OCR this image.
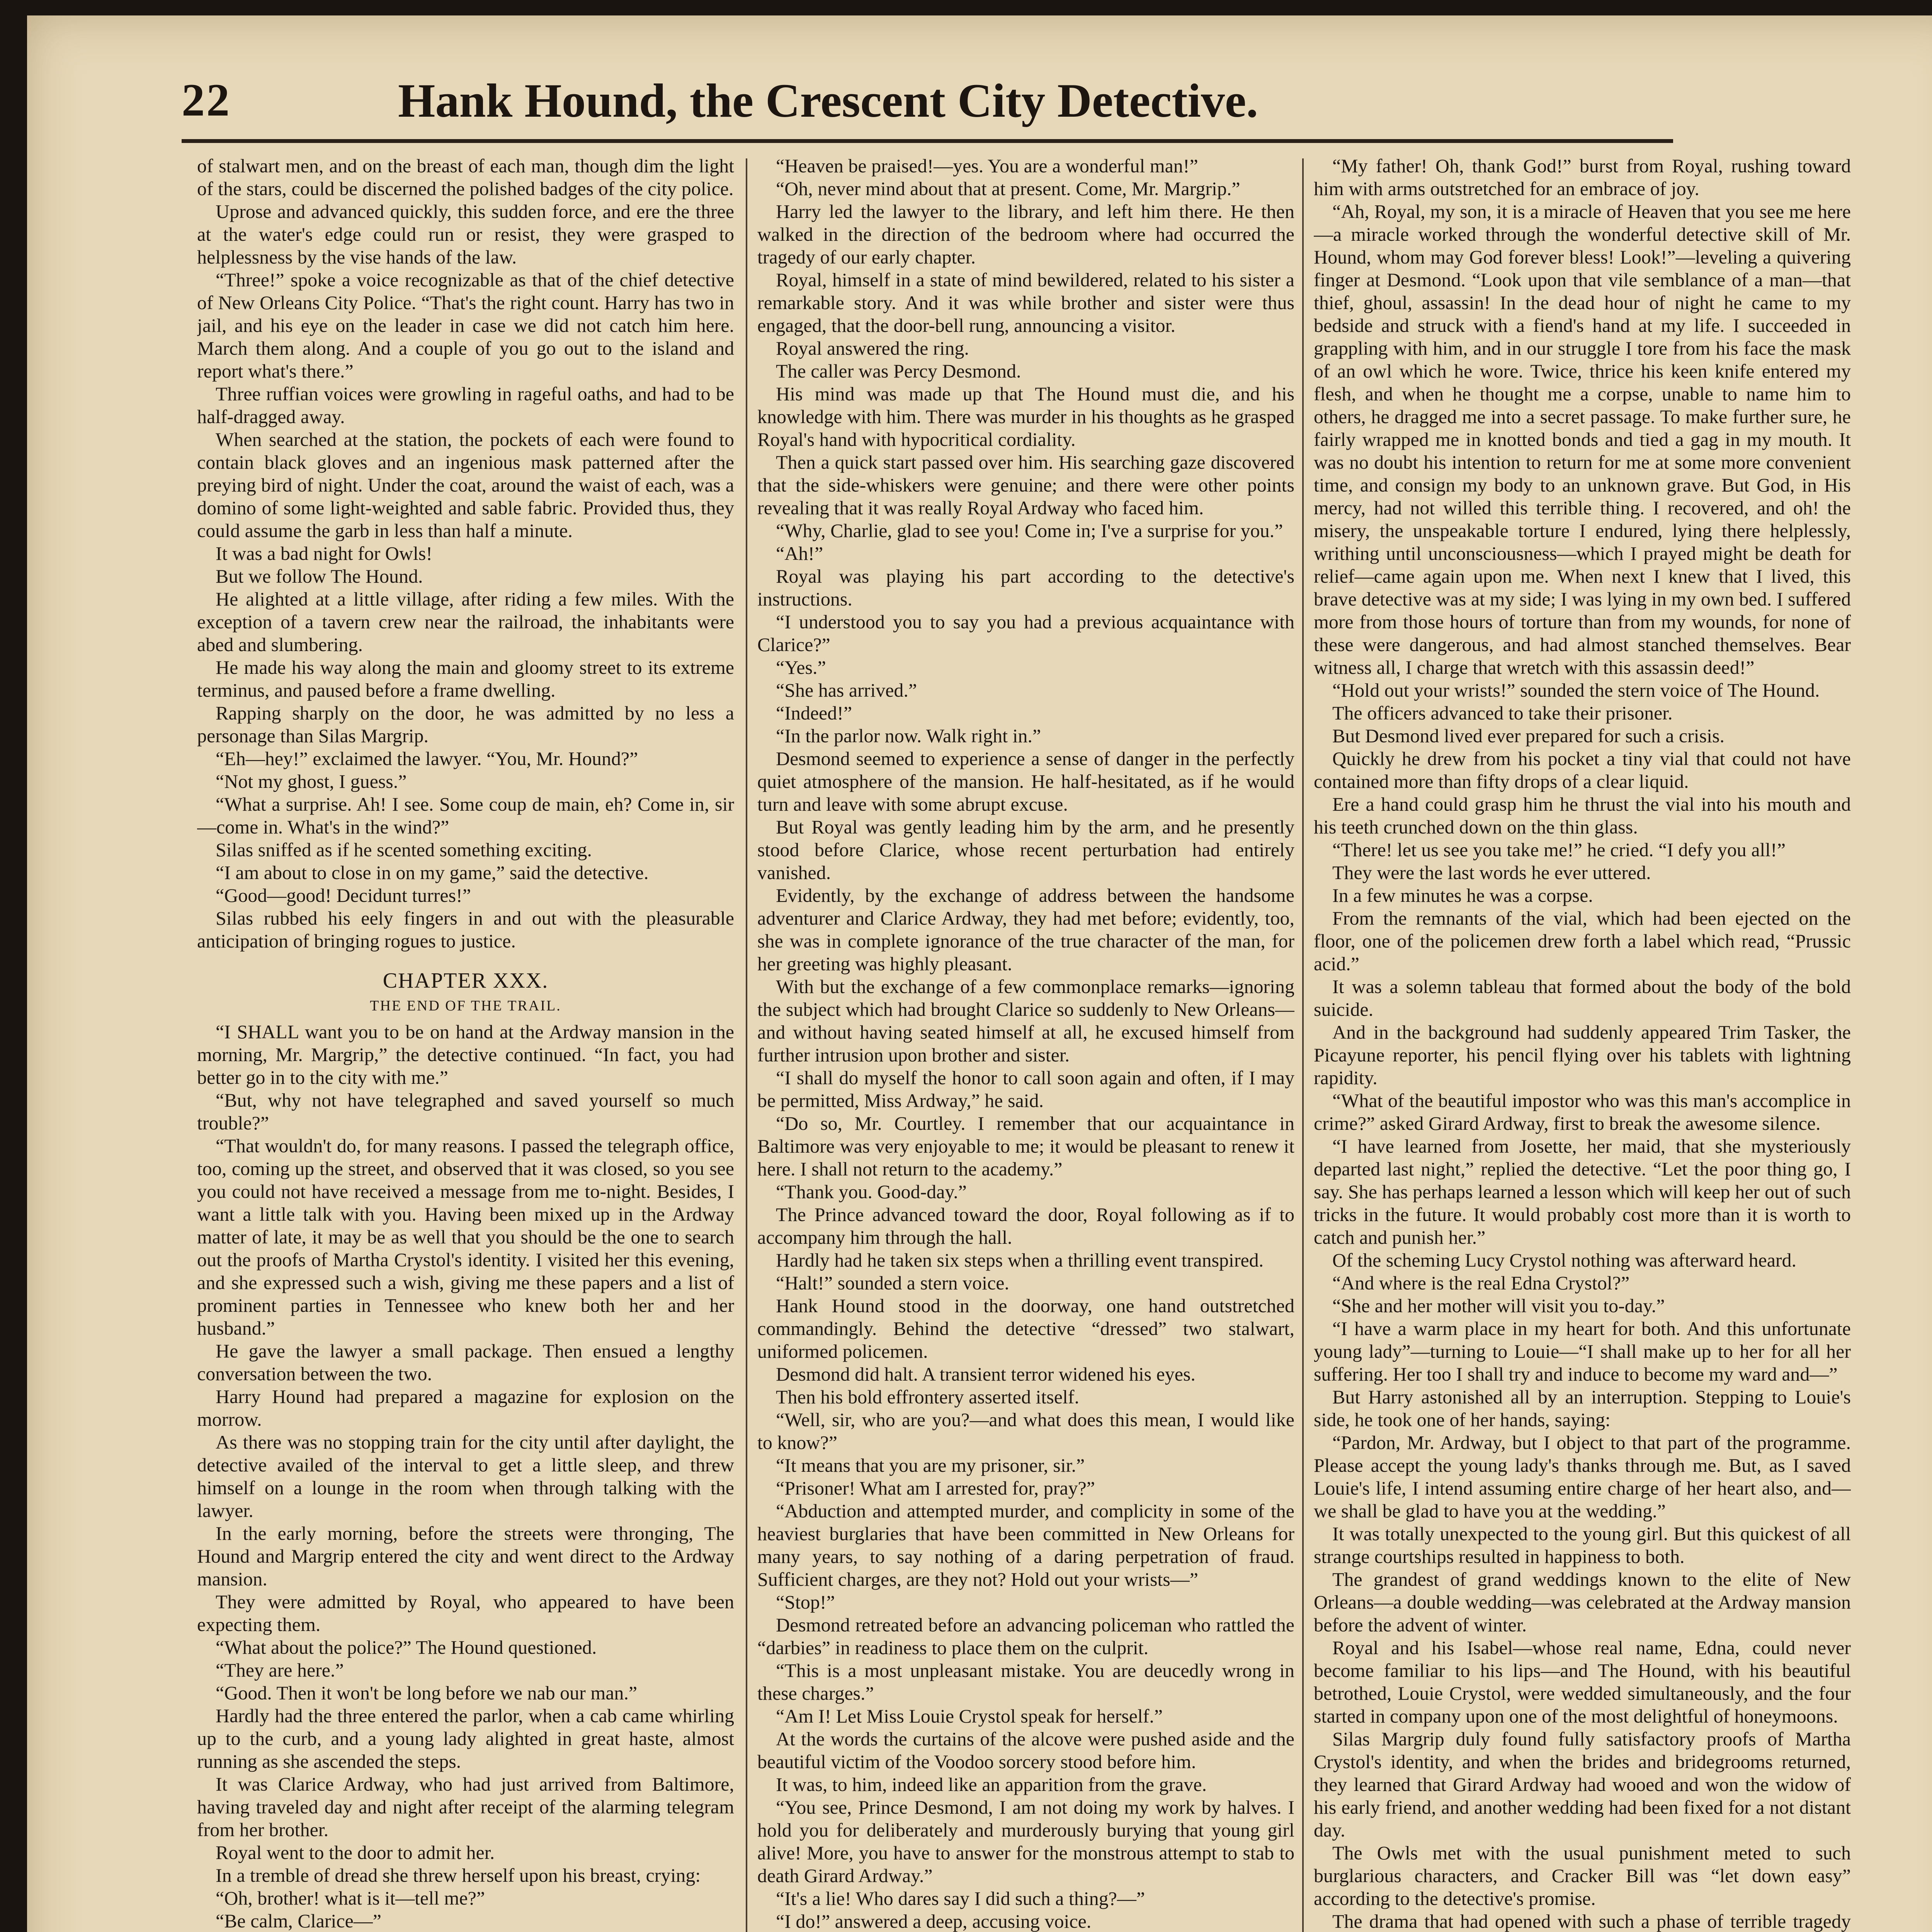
22	Hank Hound, the Crescent City Detective.

of stalwart men, and on the breast of each man, though dim the light of the stars, could be discerned the polished badges of the city police.

Uprose and advanced quickly, this sudden force, and ere the three at the water's edge could run or resist, they were grasped to helplessness by the vise hands of the law.

“Three!” spoke a voice recognizable as that of the chief detective of New Orleans City Police. “That's the right count. Harry has two in jail, and his eye on the leader in case we did not catch him here. March them along. And a couple of you go out to the island and report what's there.”

Three ruffian voices were growling in rageful oaths, and had to be half-dragged away.

When searched at the station, the pockets of each were found to contain black gloves and an ingenious mask patterned after the preying bird of night. Under the coat, around the waist of each, was a domino of some light-weighted and sable fabric. Provided thus, they could assume the garb in less than half a minute.

It was a bad night for Owls!

But we follow The Hound.

He alighted at a little village, after riding a few miles. With the exception of a tavern crew near the railroad, the inhabitants were abed and slumbering.

He made his way along the main and gloomy street to its extreme terminus, and paused before a frame dwelling.

Rapping sharply on the door, he was admitted by no less a personage than Silas Margrip.

“Eh—hey!” exclaimed the lawyer. “You, Mr. Hound?”

“Not my ghost, I guess.”

“What a surprise. Ah! I see. Some coup de main, eh? Come in, sir—come in. What's in the wind?”

Silas sniffed as if he scented something exciting.

“I am about to close in on my game,” said the detective.

“Good—good! Decidunt turres!”

Silas rubbed his eely fingers in and out with the pleasurable anticipation of bringing rogues to justice.

CHAPTER XXX.

THE END OF THE TRAIL.

“I SHALL want you to be on hand at the Ardway mansion in the morning, Mr. Margrip,” the detective continued. “In fact, you had better go in to the city with me.”

“But, why not have telegraphed and saved yourself so much trouble?”

“That wouldn't do, for many reasons. I passed the telegraph office, too, coming up the street, and observed that it was closed, so you see you could not have received a message from me to-night. Besides, I want a little talk with you. Having been mixed up in the Ardway matter of late, it may be as well that you should be the one to search out the proofs of Martha Crystol's identity. I visited her this evening, and she expressed such a wish, giving me these papers and a list of prominent parties in Tennessee who knew both her and her husband.”

He gave the lawyer a small package. Then ensued a lengthy conversation between the two.

Harry Hound had prepared a magazine for explosion on the morrow.

As there was no stopping train for the city until after daylight, the detective availed of the interval to get a little sleep, and threw himself on a lounge in the room when through talking with the lawyer.

In the early morning, before the streets were thronging, The Hound and Margrip entered the city and went direct to the Ardway mansion.

They were admitted by Royal, who appeared to have been expecting them.

“What about the police?” The Hound questioned.

“They are here.”

“Good. Then it won't be long before we nab our man.”

Hardly had the three entered the parlor, when a cab came whirling up to the curb, and a young lady alighted in great haste, almost running as she ascended the steps.

It was Clarice Ardway, who had just arrived from Baltimore, having traveled day and night after receipt of the alarming telegram from her brother.

Royal went to the door to admit her.

In a tremble of dread she threw herself upon his breast, crying:

“Oh, brother! what is it—tell me?”

“Be calm, Clarice—”

“Heaven be praised!—yes. You are a wonderful man!”

“Oh, never mind about that at present. Come, Mr. Margrip.”

Harry led the lawyer to the library, and left him there. He then walked in the direction of the bedroom where had occurred the tragedy of our early chapter.

Royal, himself in a state of mind bewildered, related to his sister a remarkable story. And it was while brother and sister were thus engaged, that the door-bell rung, announcing a visitor.

Royal answered the ring.

The caller was Percy Desmond.

His mind was made up that The Hound must die, and his knowledge with him. There was murder in his thoughts as he grasped Royal's hand with hypocritical cordiality.

Then a quick start passed over him. His searching gaze discovered that the side-whiskers were genuine; and there were other points revealing that it was really Royal Ardway who faced him.

“Why, Charlie, glad to see you! Come in; I've a surprise for you.”

“Ah!”

Royal was playing his part according to the detective's instructions.

“I understood you to say you had a previous acquaintance with Clarice?”

“Yes.”

“She has arrived.”

“Indeed!”

“In the parlor now. Walk right in.”

Desmond seemed to experience a sense of danger in the perfectly quiet atmosphere of the mansion. He half-hesitated, as if he would turn and leave with some abrupt excuse.

But Royal was gently leading him by the arm, and he presently stood before Clarice, whose recent perturbation had entirely vanished.

Evidently, by the exchange of address between the handsome adventurer and Clarice Ardway, they had met before; evidently, too, she was in complete ignorance of the true character of the man, for her greeting was highly pleasant.

With but the exchange of a few commonplace remarks—ignoring the subject which had brought Clarice so suddenly to New Orleans—and without having seated himself at all, he excused himself from further intrusion upon brother and sister.

“I shall do myself the honor to call soon again and often, if I may be permitted, Miss Ardway,” he said.

“Do so, Mr. Courtley. I remember that our acquaintance in Baltimore was very enjoyable to me; it would be pleasant to renew it here. I shall not return to the academy.”

“Thank you. Good-day.”

The Prince advanced toward the door, Royal following as if to accompany him through the hall.

Hardly had he taken six steps when a thrilling event transpired.

“Halt!” sounded a stern voice.

Hank Hound stood in the doorway, one hand outstretched commandingly. Behind the detective “dressed” two stalwart, uniformed policemen.

Desmond did halt. A transient terror widened his eyes.

Then his bold effrontery asserted itself.

“Well, sir, who are you?—and what does this mean, I would like to know?”

“It means that you are my prisoner, sir.”

“Prisoner! What am I arrested for, pray?”

“Abduction and attempted murder, and complicity in some of the heaviest burglaries that have been committed in New Orleans for many years, to say nothing of a daring perpetration of fraud. Sufficient charges, are they not? Hold out your wrists—”

“Stop!”

Desmond retreated before an advancing policeman who rattled the “darbies” in readiness to place them on the culprit.

“This is a most unpleasant mistake. You are deucedly wrong in these charges.”

“Am I! Let Miss Louie Crystol speak for herself.”

At the words the curtains of the alcove were pushed aside and the beautiful victim of the Voodoo sorcery stood before him.

It was, to him, indeed like an apparition from the grave.

“You see, Prince Desmond, I am not doing my work by halves. I hold you for deliberately and murderously burying that young girl alive! More, you have to answer for the monstrous attempt to stab to death Girard Ardway.”

“It's a lie! Who dares say I did such a thing?—”

“I do!” answered a deep, accusing voice.

“My father! Oh, thank God!” burst from Royal, rushing toward him with arms outstretched for an embrace of joy.

“Ah, Royal, my son, it is a miracle of Heaven that you see me here—a miracle worked through the wonderful detective skill of Mr. Hound, whom may God forever bless! Look!”—leveling a quivering finger at Desmond. “Look upon that vile semblance of a man—that thief, ghoul, assassin! In the dead hour of night he came to my bedside and struck with a fiend's hand at my life. I succeeded in grappling with him, and in our struggle I tore from his face the mask of an owl which he wore. Twice, thrice his keen knife entered my flesh, and when he thought me a corpse, unable to name him to others, he dragged me into a secret passage. To make further sure, he fairly wrapped me in knotted bonds and tied a gag in my mouth. It was no doubt his intention to return for me at some more convenient time, and consign my body to an unknown grave. But God, in His mercy, had not willed this terrible thing. I recovered, and oh! the misery, the unspeakable torture I endured, lying there helplessly, writhing until unconsciousness—which I prayed might be death for relief—came again upon me. When next I knew that I lived, this brave detective was at my side; I was lying in my own bed. I suffered more from those hours of torture than from my wounds, for none of these were dangerous, and had almost stanched themselves. Bear witness all, I charge that wretch with this assassin deed!”

“Hold out your wrists!” sounded the stern voice of The Hound.

The officers advanced to take their prisoner.

But Desmond lived ever prepared for such a crisis.

Quickly he drew from his pocket a tiny vial that could not have contained more than fifty drops of a clear liquid.

Ere a hand could grasp him he thrust the vial into his mouth and his teeth crunched down on the thin glass.

“There! let us see you take me!” he cried. “I defy you all!”

They were the last words he ever uttered.

In a few minutes he was a corpse.

From the remnants of the vial, which had been ejected on the floor, one of the policemen drew forth a label which read, “Prussic acid.”

It was a solemn tableau that formed about the body of the bold suicide.

And in the background had suddenly appeared Trim Tasker, the Picayune reporter, his pencil flying over his tablets with lightning rapidity.

“What of the beautiful impostor who was this man's accomplice in crime?” asked Girard Ardway, first to break the awesome silence.

“I have learned from Josette, her maid, that she mysteriously departed last night,” replied the detective. “Let the poor thing go, I say. She has perhaps learned a lesson which will keep her out of such tricks in the future. It would probably cost more than it is worth to catch and punish her.”

Of the scheming Lucy Crystol nothing was afterward heard.

“And where is the real Edna Crystol?”

“She and her mother will visit you to-day.”

“I have a warm place in my heart for both. And this unfortunate young lady”—turning to Louie—“I shall make up to her for all her suffering. Her too I shall try and induce to become my ward and—”

But Harry astonished all by an interruption. Stepping to Louie's side, he took one of her hands, saying:

“Pardon, Mr. Ardway, but I object to that part of the programme. Please accept the young lady's thanks through me. But, as I saved Louie's life, I intend assuming entire charge of her heart also, and—we shall be glad to have you at the wedding.”

It was totally unexpected to the young girl. But this quickest of all strange courtships resulted in happiness to both.

The grandest of grand weddings known to the elite of New Orleans—a double wedding—was celebrated at the Ardway mansion before the advent of winter.

Royal and his Isabel—whose real name, Edna, could never become familiar to his lips—and The Hound, with his beautiful betrothed, Louie Crystol, were wedded simultaneously, and the four started in company upon one of the most delightful of honeymoons.

Silas Margrip duly found fully satisfactory proofs of Martha Crystol's identity, and when the brides and bridegrooms returned, they learned that Girard Ardway had wooed and won the widow of his early friend, and another wedding had been fixed for a not distant day.

The Owls met with the usual punishment meted to such burglarious characters, and Cracker Bill was “let down easy” according to the detective's promise.

The drama that had opened with such a phase of terrible tragedy
